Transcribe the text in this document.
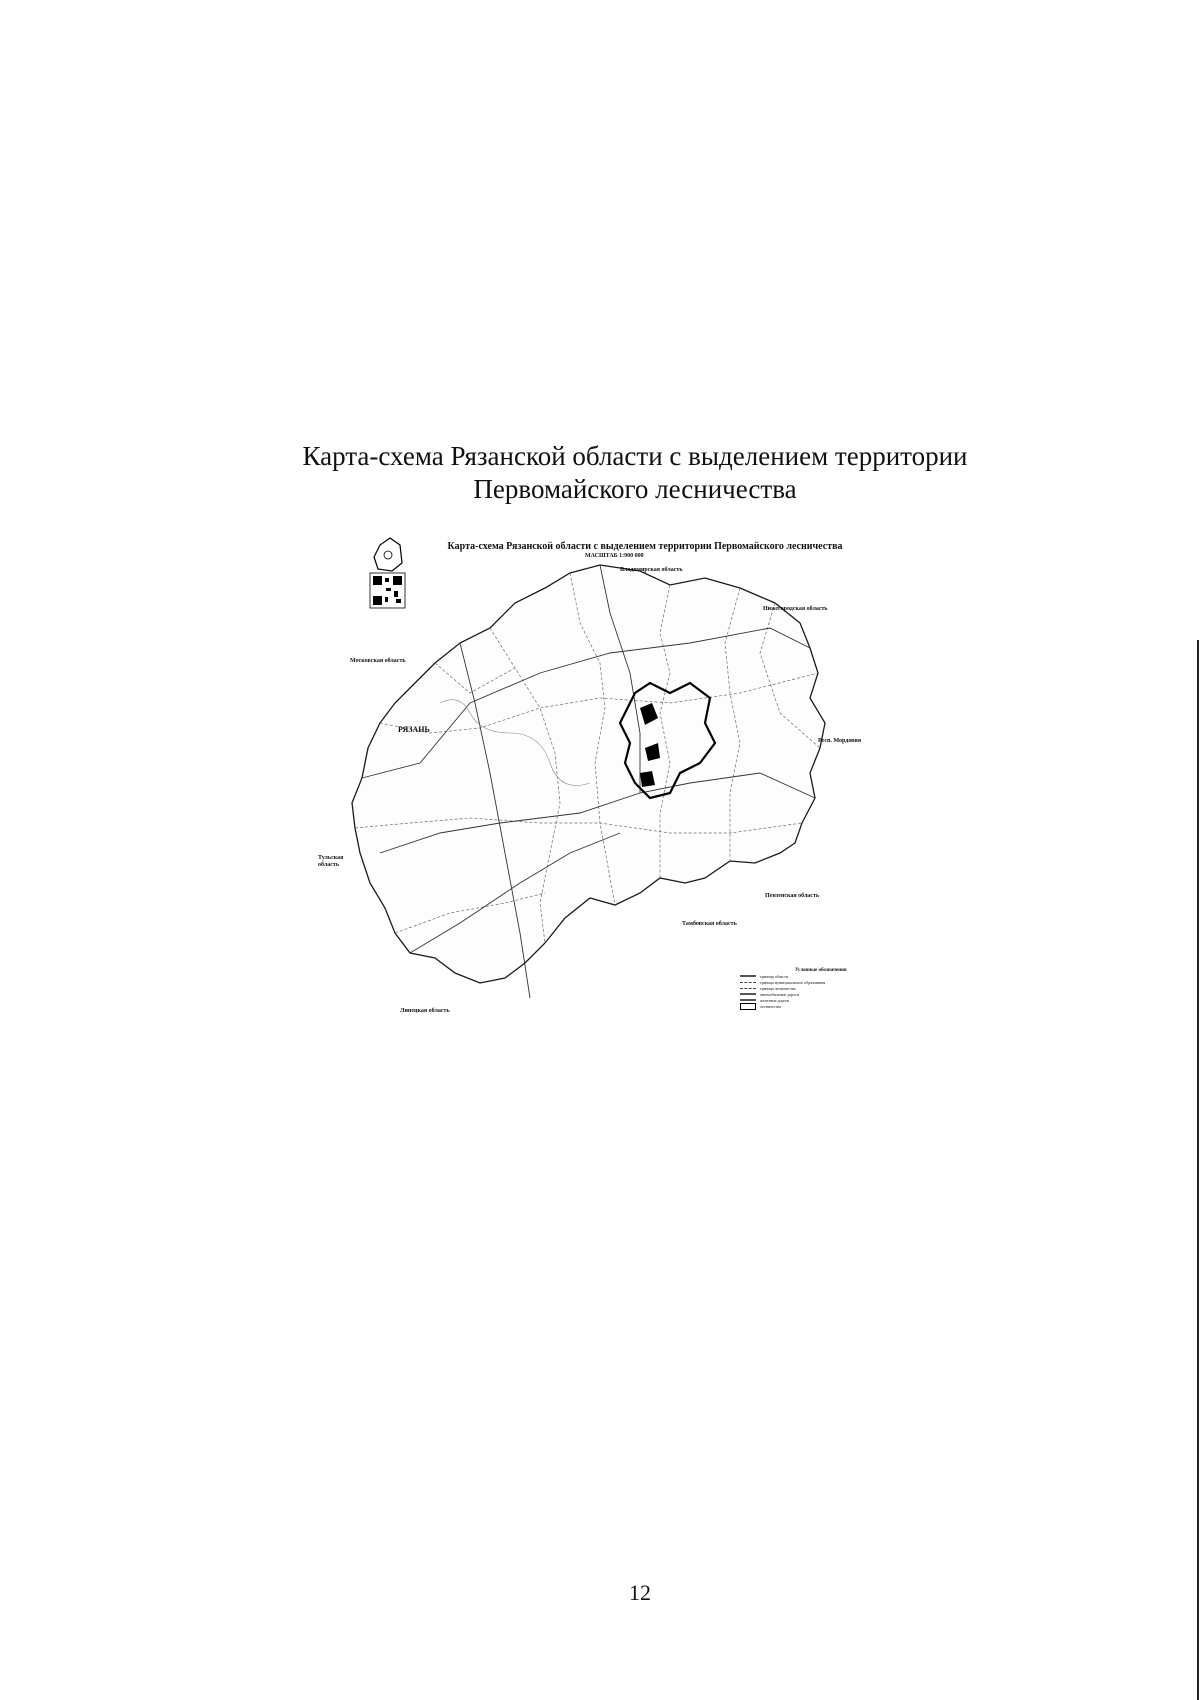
Карта-схема Рязанской области с выделением территории
Первомайского лесничества
Карта-схема Рязанской области с выделением территории Первомайского лесничества
МАСШТАБ 1:900 000
Владимирская область
Нижегородская область
Московская область
Респ. Мордовия
Тульская область
Пензенская область
Тамбовская область
Липецкая область
РЯЗАНЬ
Условные обозначения
граница области
граница муниципального образования
граница лесничества
автомобильные дороги
железные дороги
лесничество
12
